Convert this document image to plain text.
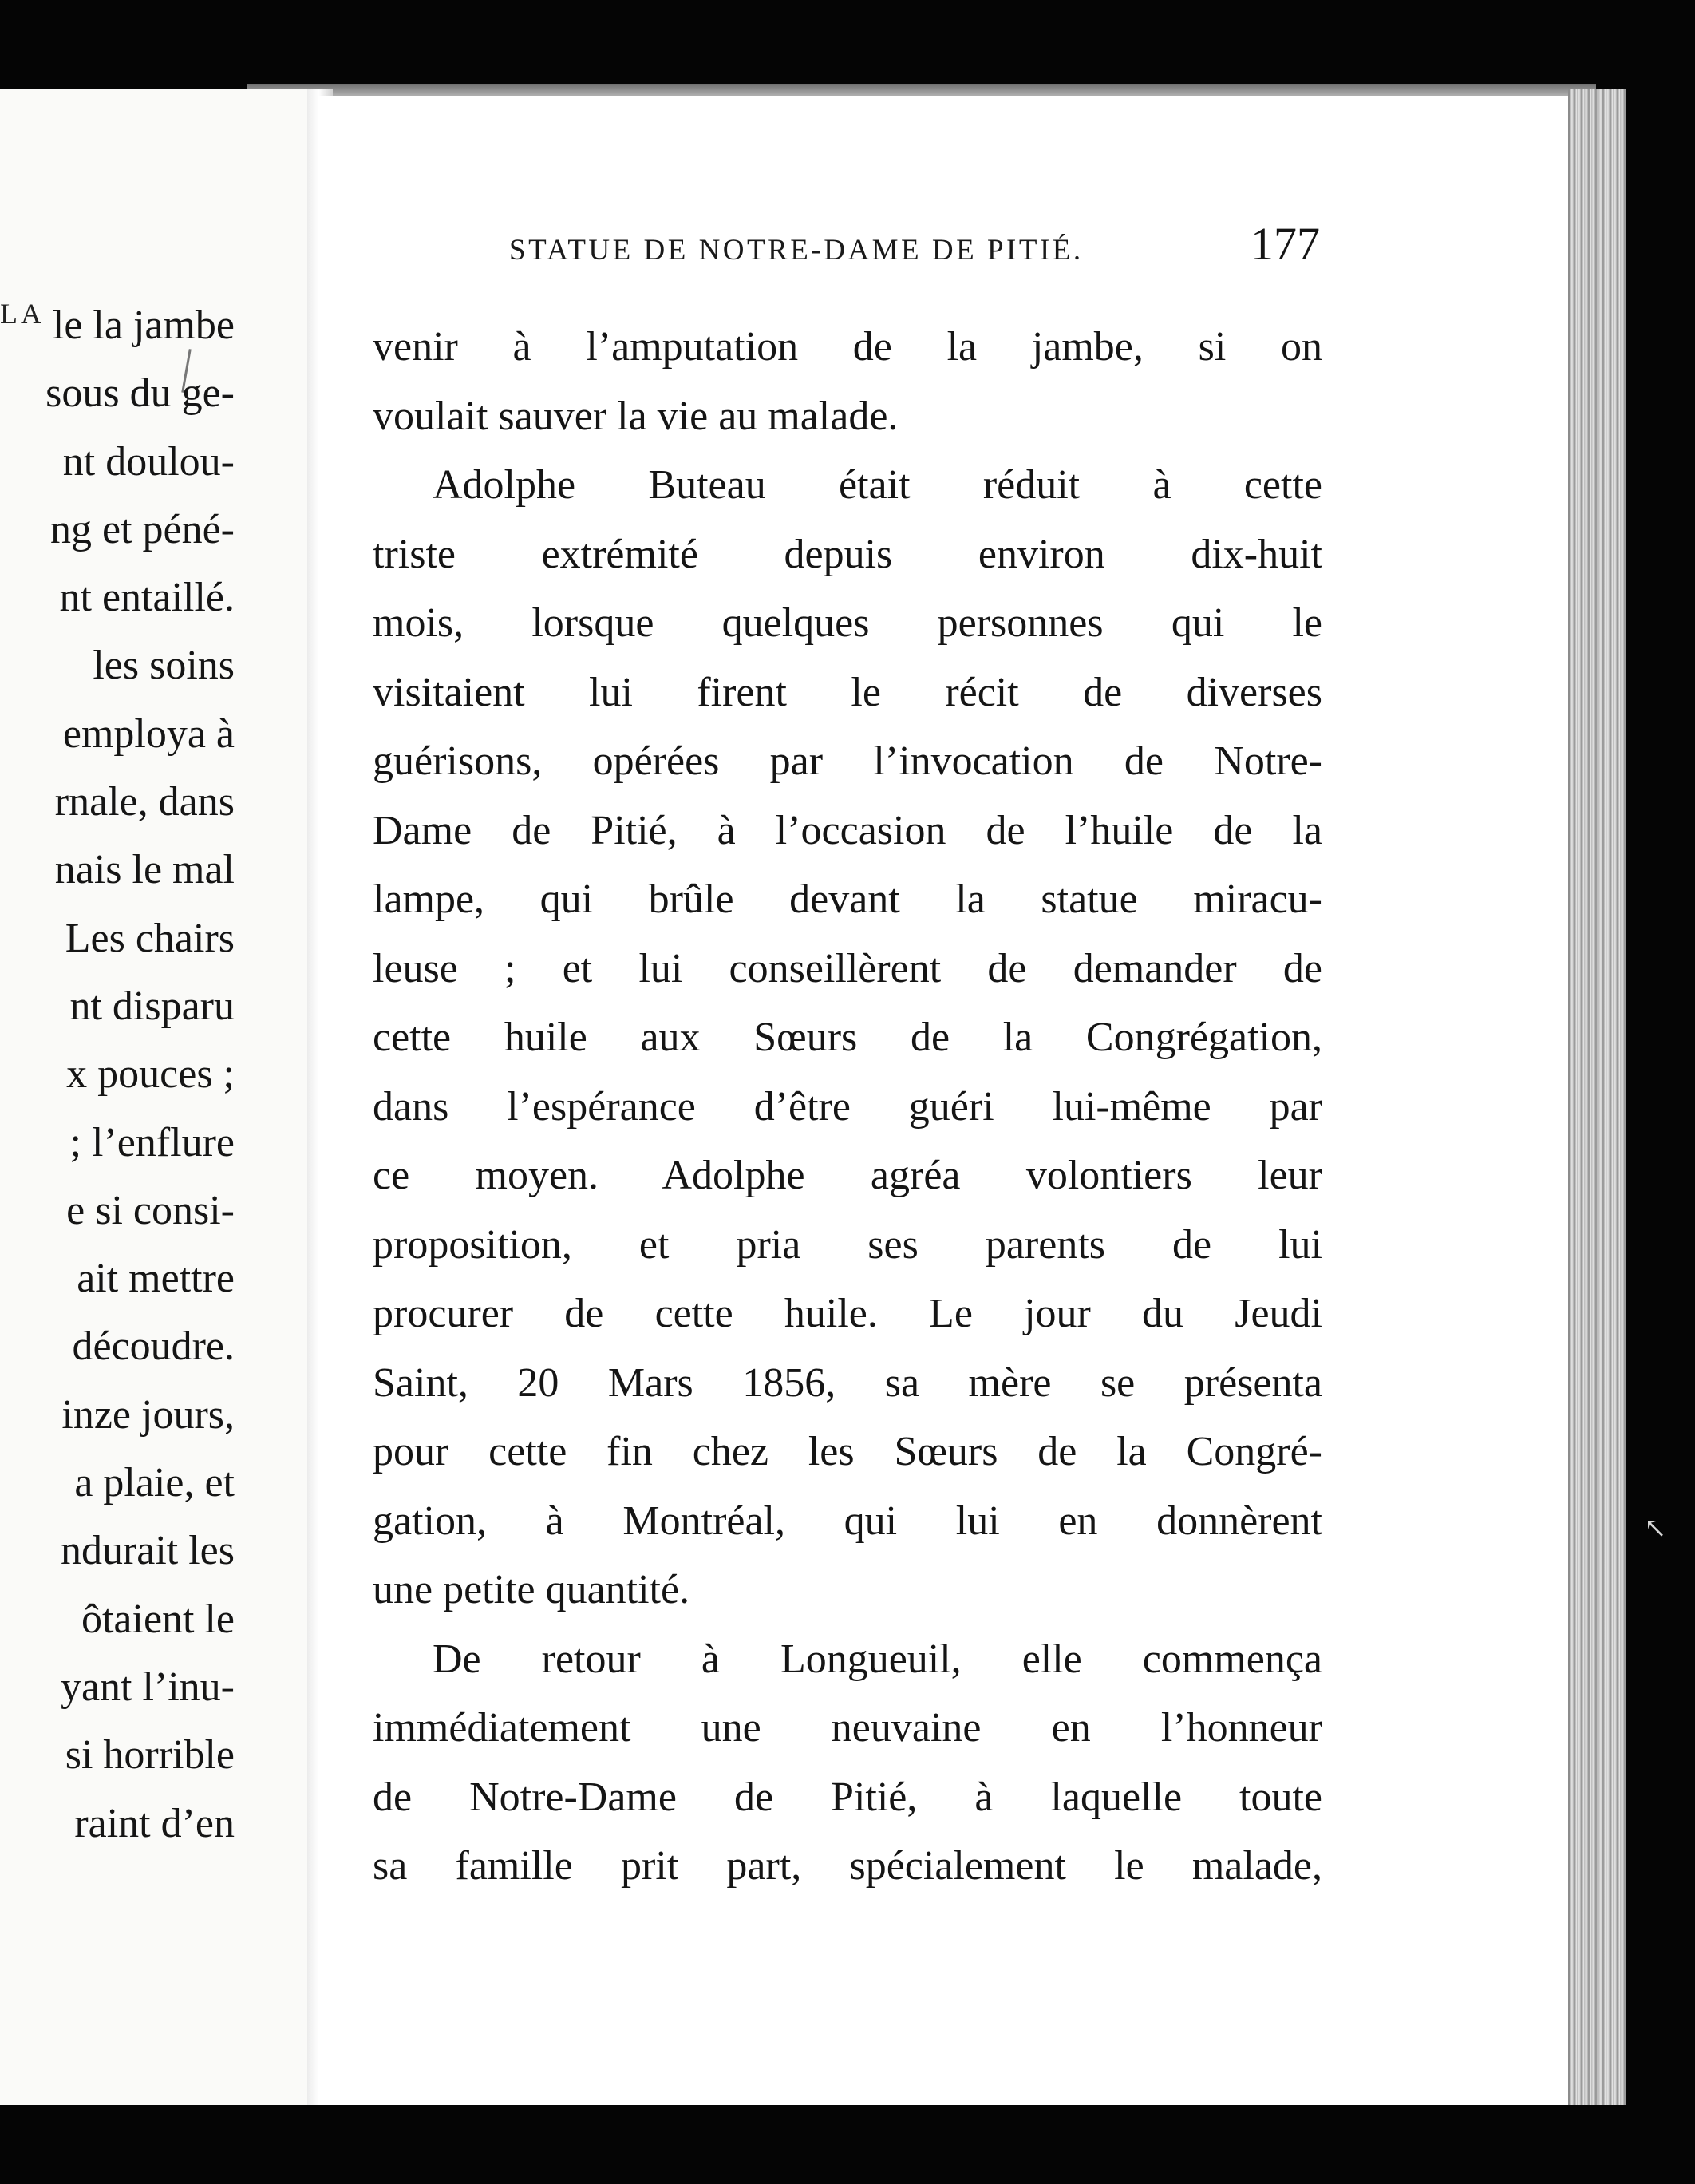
LA le la jambe
sous du ge-
nt doulou-
ng et péné-
nt entaillé.
les soins
employa à
rnale, dans
nais le mal
Les chairs
nt disparu
x pouces ;
; l’enflure
e si consi-
ait mettre
découdre.
inze jours,
a plaie, et
ndurait les
ôtaient le
yant l’inu-
si horrible
raint d’en
STATUE DE NOTRE-DAME DE PITIÉ.	177
venir à l’amputation de la jambe, si on
voulait sauver la vie au malade.
Adolphe Buteau était réduit à cette
triste extrémité depuis environ dix-huit
mois, lorsque quelques personnes qui le
visitaient lui firent le récit de diverses
guérisons, opérées par l’invocation de Notre-
Dame de Pitié, à l’occasion de l’huile de la
lampe, qui brûle devant la statue miracu-
leuse ; et lui conseillèrent de demander de
cette huile aux Sœurs de la Congrégation,
dans l’espérance d’être guéri lui-même par
ce moyen. Adolphe agréa volontiers leur
proposition, et pria ses parents de lui
procurer de cette huile. Le jour du Jeudi
Saint, 20 Mars 1856, sa mère se présenta
pour cette fin chez les Sœurs de la Congré-
gation, à Montréal, qui lui en donnèrent
une petite quantité.
De retour à Longueuil, elle commença
immédiatement une neuvaine en l’honneur
de Notre-Dame de Pitié, à laquelle toute
sa famille prit part, spécialement le malade,
↖
